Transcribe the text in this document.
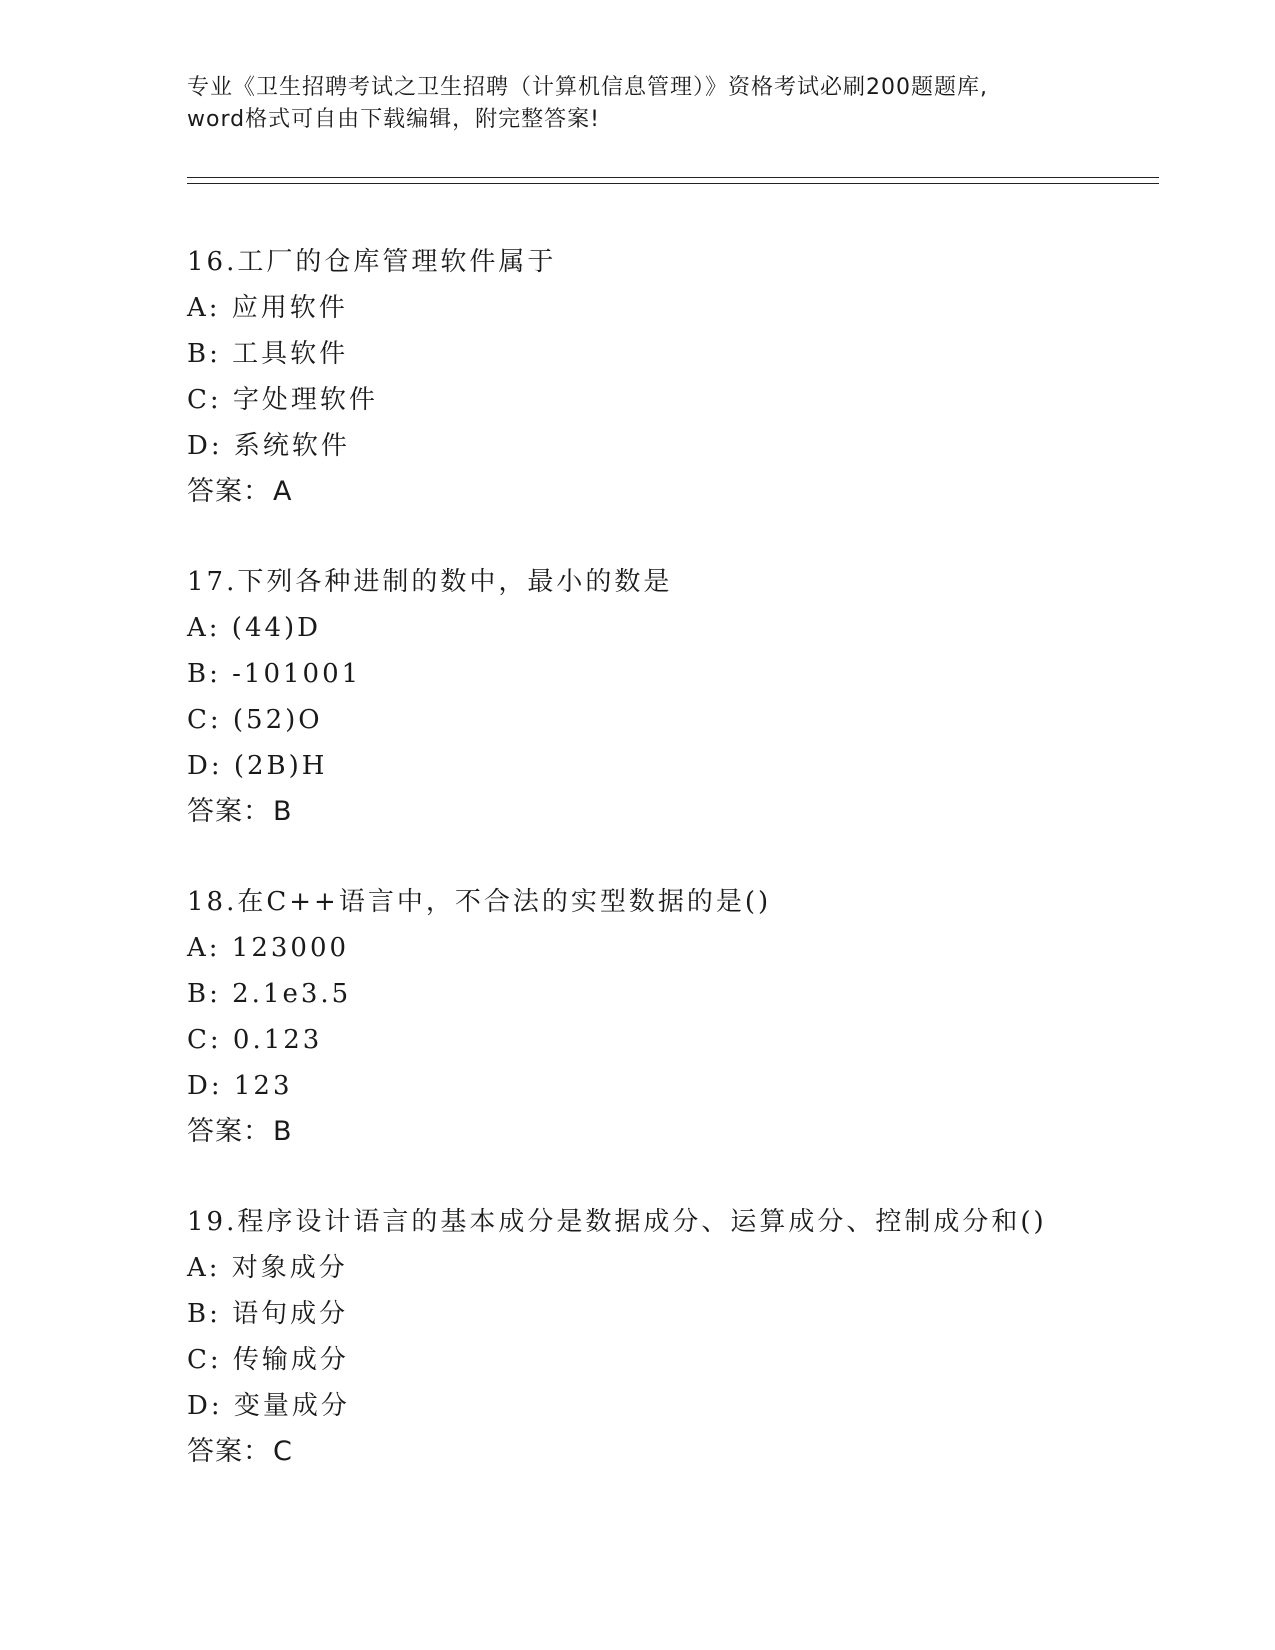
专业《卫生招聘考试之卫生招聘（计算机信息管理）》资格考试必刷200题题库,
word格式可自由下载编辑，附完整答案!
16.工厂的仓库管理软件属于
A: 应用软件
B: 工具软件
C: 字处理软件
D: 系统软件
答案：A
17.下列各种进制的数中，最小的数是
A: (44)D
B: -101001
C: (52)O
D: (2B)H
答案：B
18.在C++语言中，不合法的实型数据的是()
A: 123000
B: 2.1e3.5
C: 0.123
D: 123
答案：B
19.程序设计语言的基本成分是数据成分、运算成分、控制成分和()
A: 对象成分
B: 语句成分
C: 传输成分
D: 变量成分
答案：C
